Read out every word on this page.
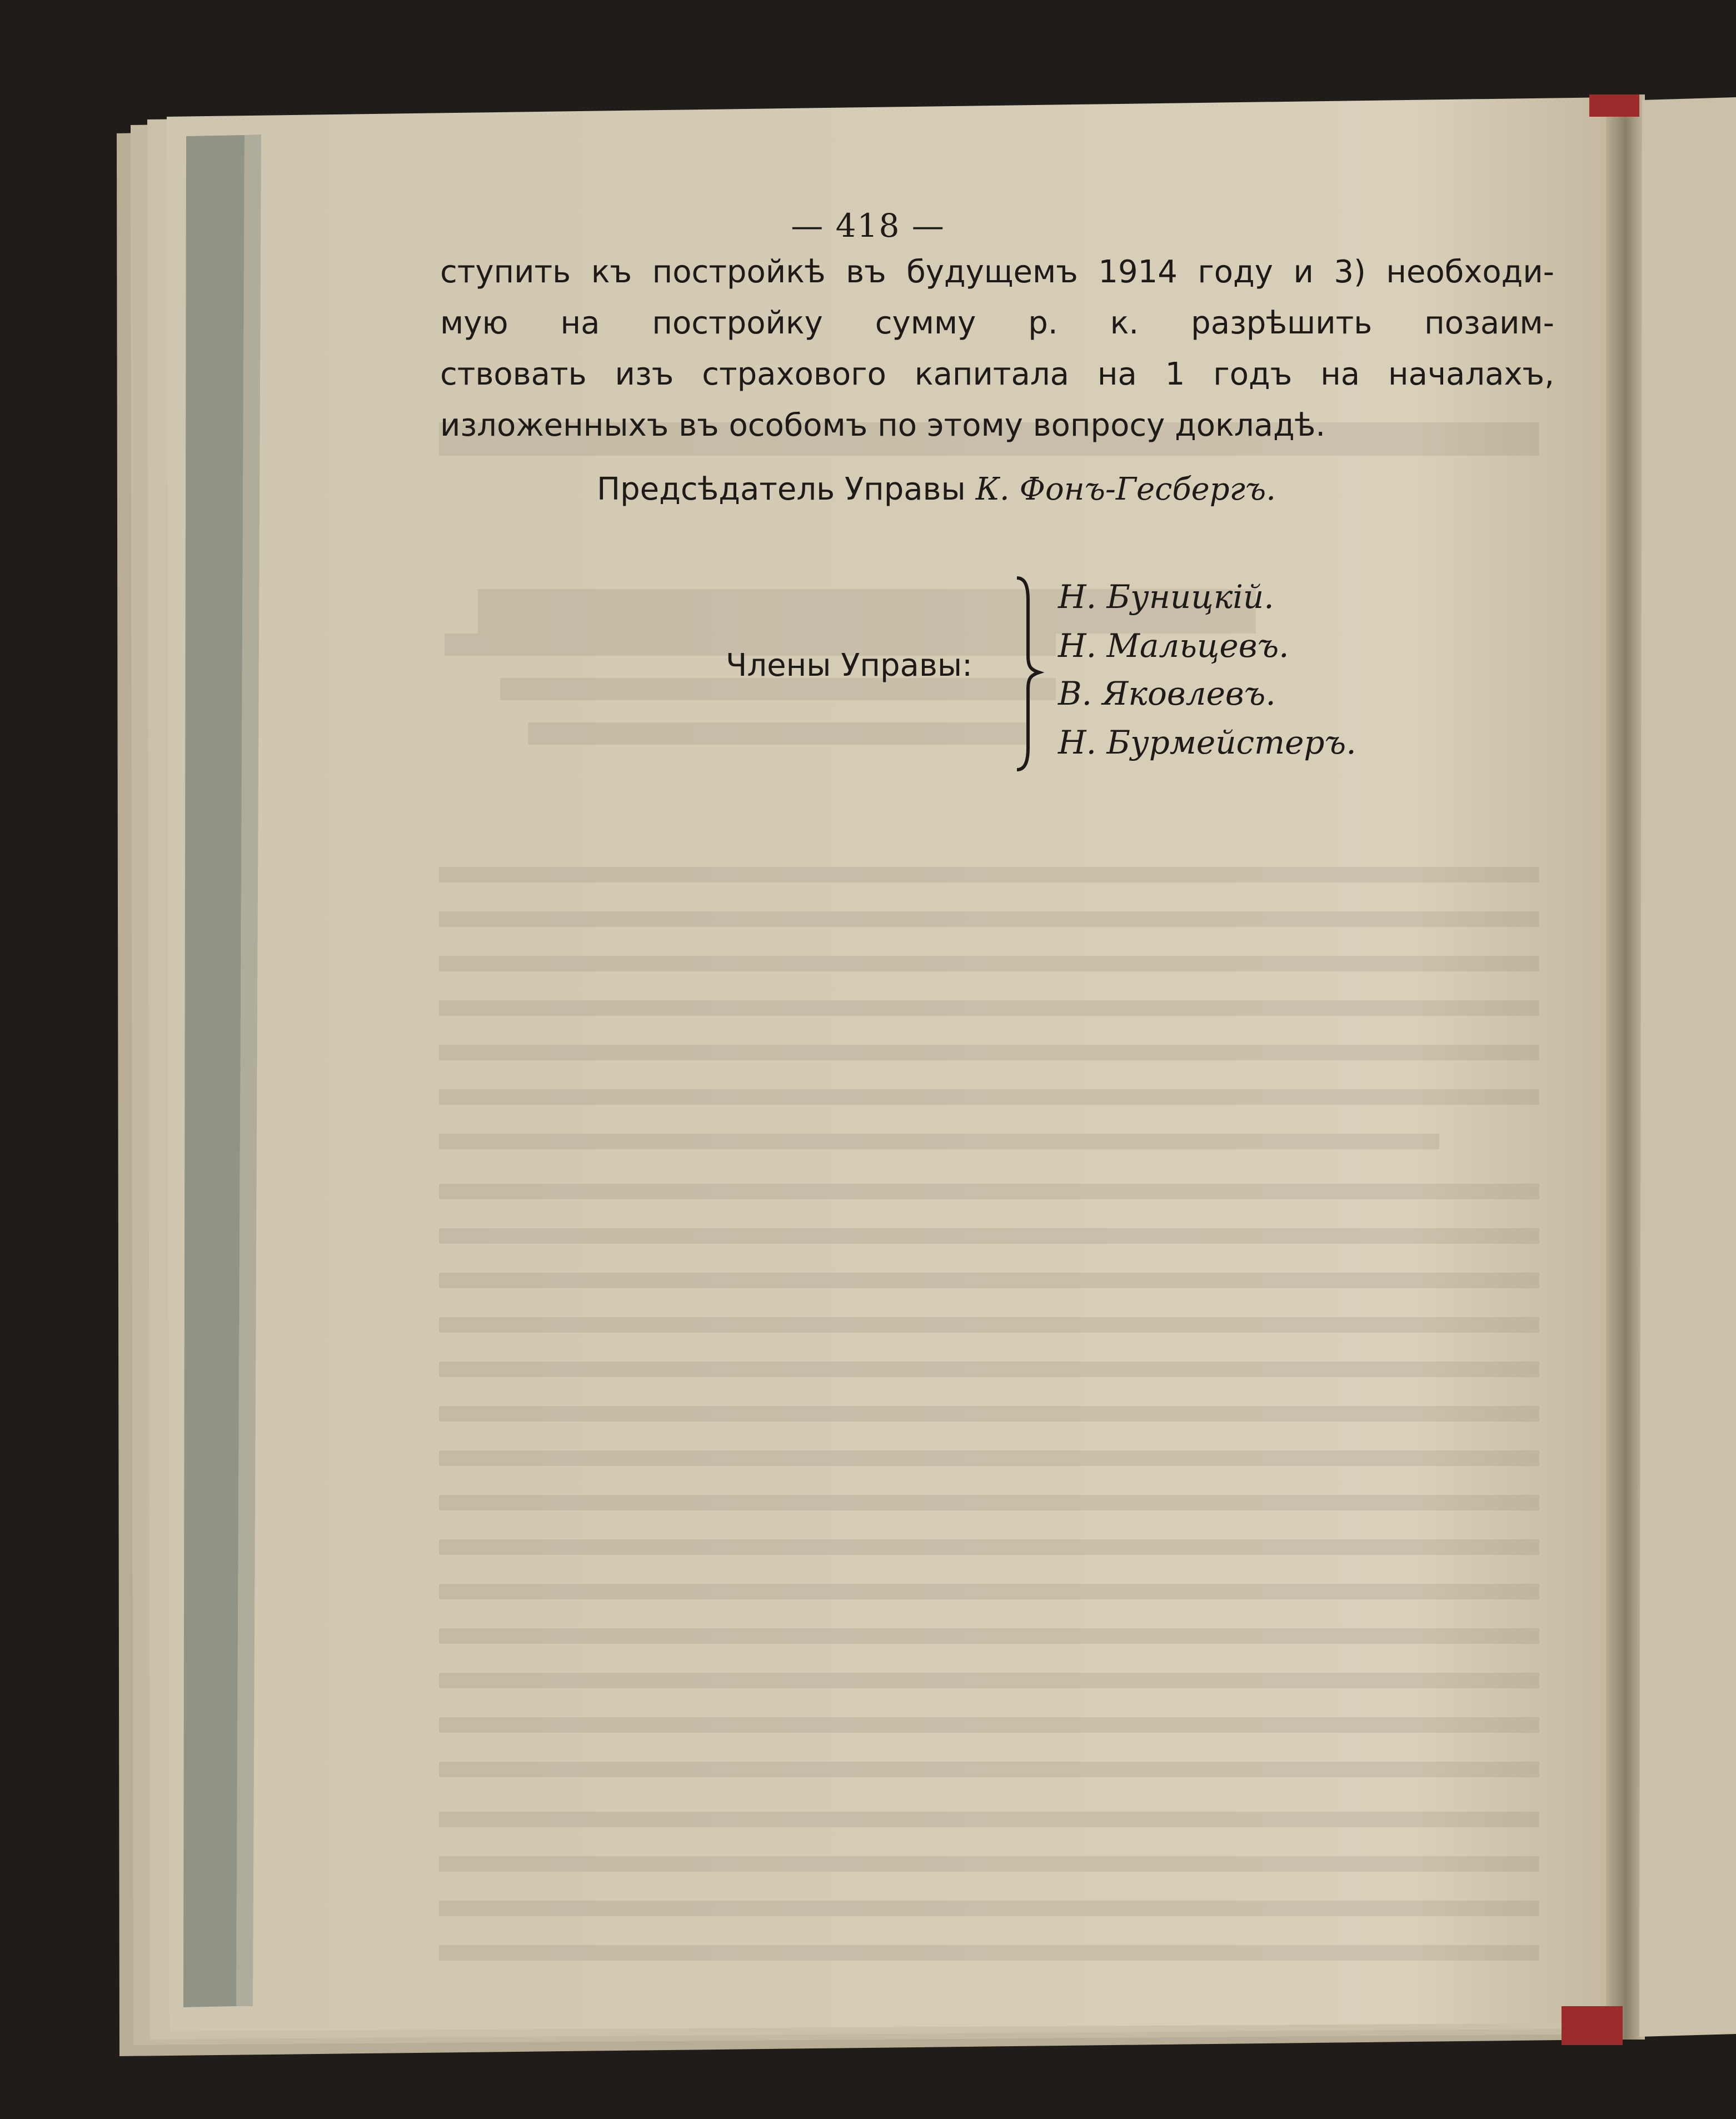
— 418 —
ступить къ постройкѣ въ будущемъ 1914 году и 3) необходи-
мую на постройку сумму р. к. разрѣшить позаим-
ствовать изъ страхового капитала на 1 годъ на началахъ,
изложенныхъ въ особомъ по этому вопросу докладѣ.
Предсѣдатель Управы К. Фонъ-Гесбергъ.
Члены Управы:
Н. Буницкій.
Н. Мальцевъ.
В. Яковлевъ.
Н. Бурмейстеръ.
